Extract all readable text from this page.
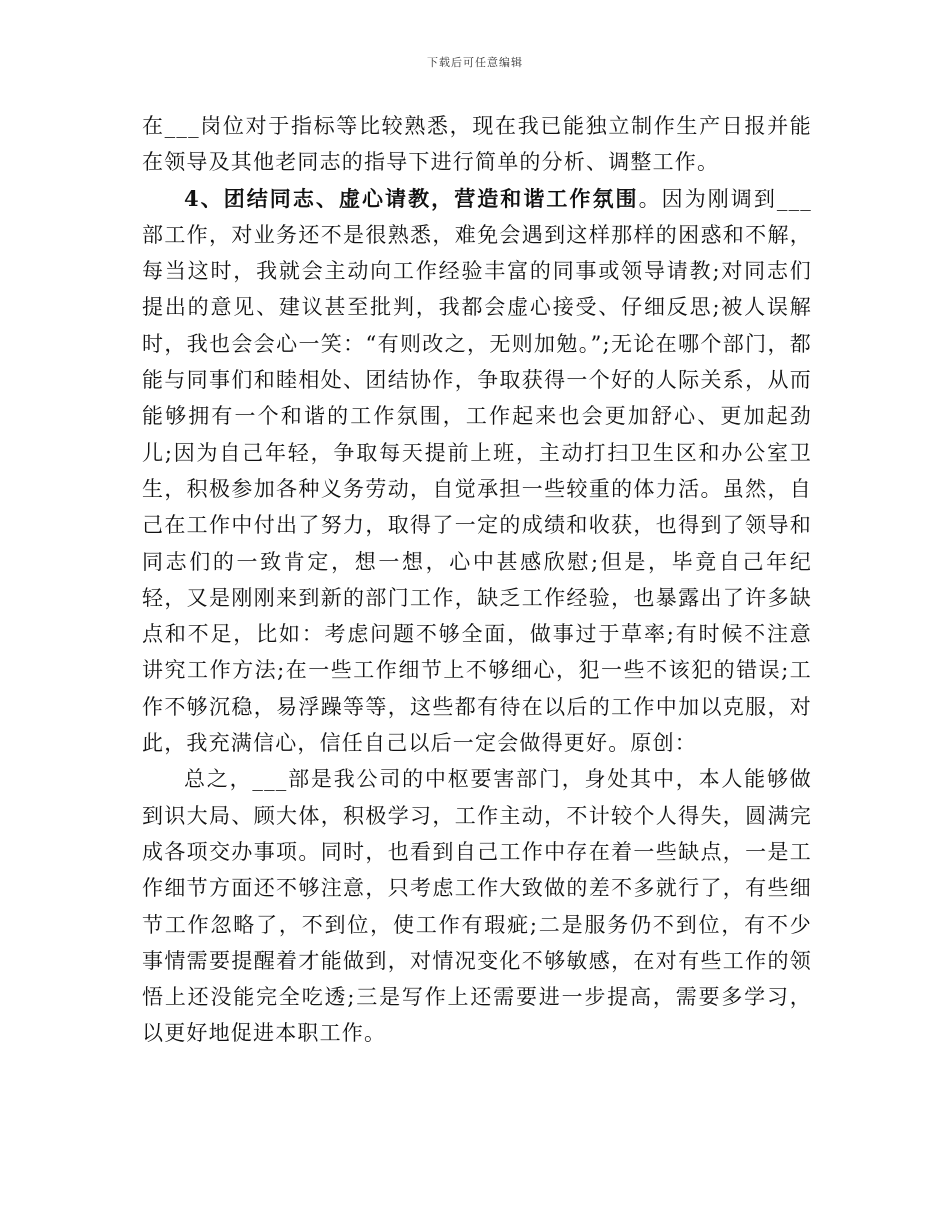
下载后可任意编辑

在___岗位对于指标等比较熟悉，现在我已能独立制作生产日报并能在领导及其他老同志的指导下进行简单的分析、调整工作。

4、团结同志、虚心请教，营造和谐工作氛围。因为刚调到___部工作，对业务还不是很熟悉，难免会遇到这样那样的困惑和不解，每当这时，我就会主动向工作经验丰富的同事或领导请教;对同志们提出的意见、建议甚至批判，我都会虚心接受、仔细反思;被人误解时，我也会会心一笑：“有则改之，无则加勉。”;无论在哪个部门，都能与同事们和睦相处、团结协作，争取获得一个好的人际关系，从而能够拥有一个和谐的工作氛围，工作起来也会更加舒心、更加起劲儿;因为自己年轻，争取每天提前上班，主动打扫卫生区和办公室卫生，积极参加各种义务劳动，自觉承担一些较重的体力活。虽然，自己在工作中付出了努力，取得了一定的成绩和收获，也得到了领导和同志们的一致肯定，想一想，心中甚感欣慰;但是，毕竟自己年纪轻，又是刚刚来到新的部门工作，缺乏工作经验，也暴露出了许多缺点和不足，比如：考虑问题不够全面，做事过于草率;有时候不注意讲究工作方法;在一些工作细节上不够细心，犯一些不该犯的错误;工作不够沉稳，易浮躁等等，这些都有待在以后的工作中加以克服，对此，我充满信心，信任自己以后一定会做得更好。原创：

总之，___部是我公司的中枢要害部门，身处其中，本人能够做到识大局、顾大体，积极学习，工作主动，不计较个人得失，圆满完成各项交办事项。同时，也看到自己工作中存在着一些缺点，一是工作细节方面还不够注意，只考虑工作大致做的差不多就行了，有些细节工作忽略了，不到位，使工作有瑕疵;二是服务仍不到位，有不少事情需要提醒着才能做到，对情况变化不够敏感，在对有些工作的领悟上还没能完全吃透;三是写作上还需要进一步提高，需要多学习，以更好地促进本职工作。
